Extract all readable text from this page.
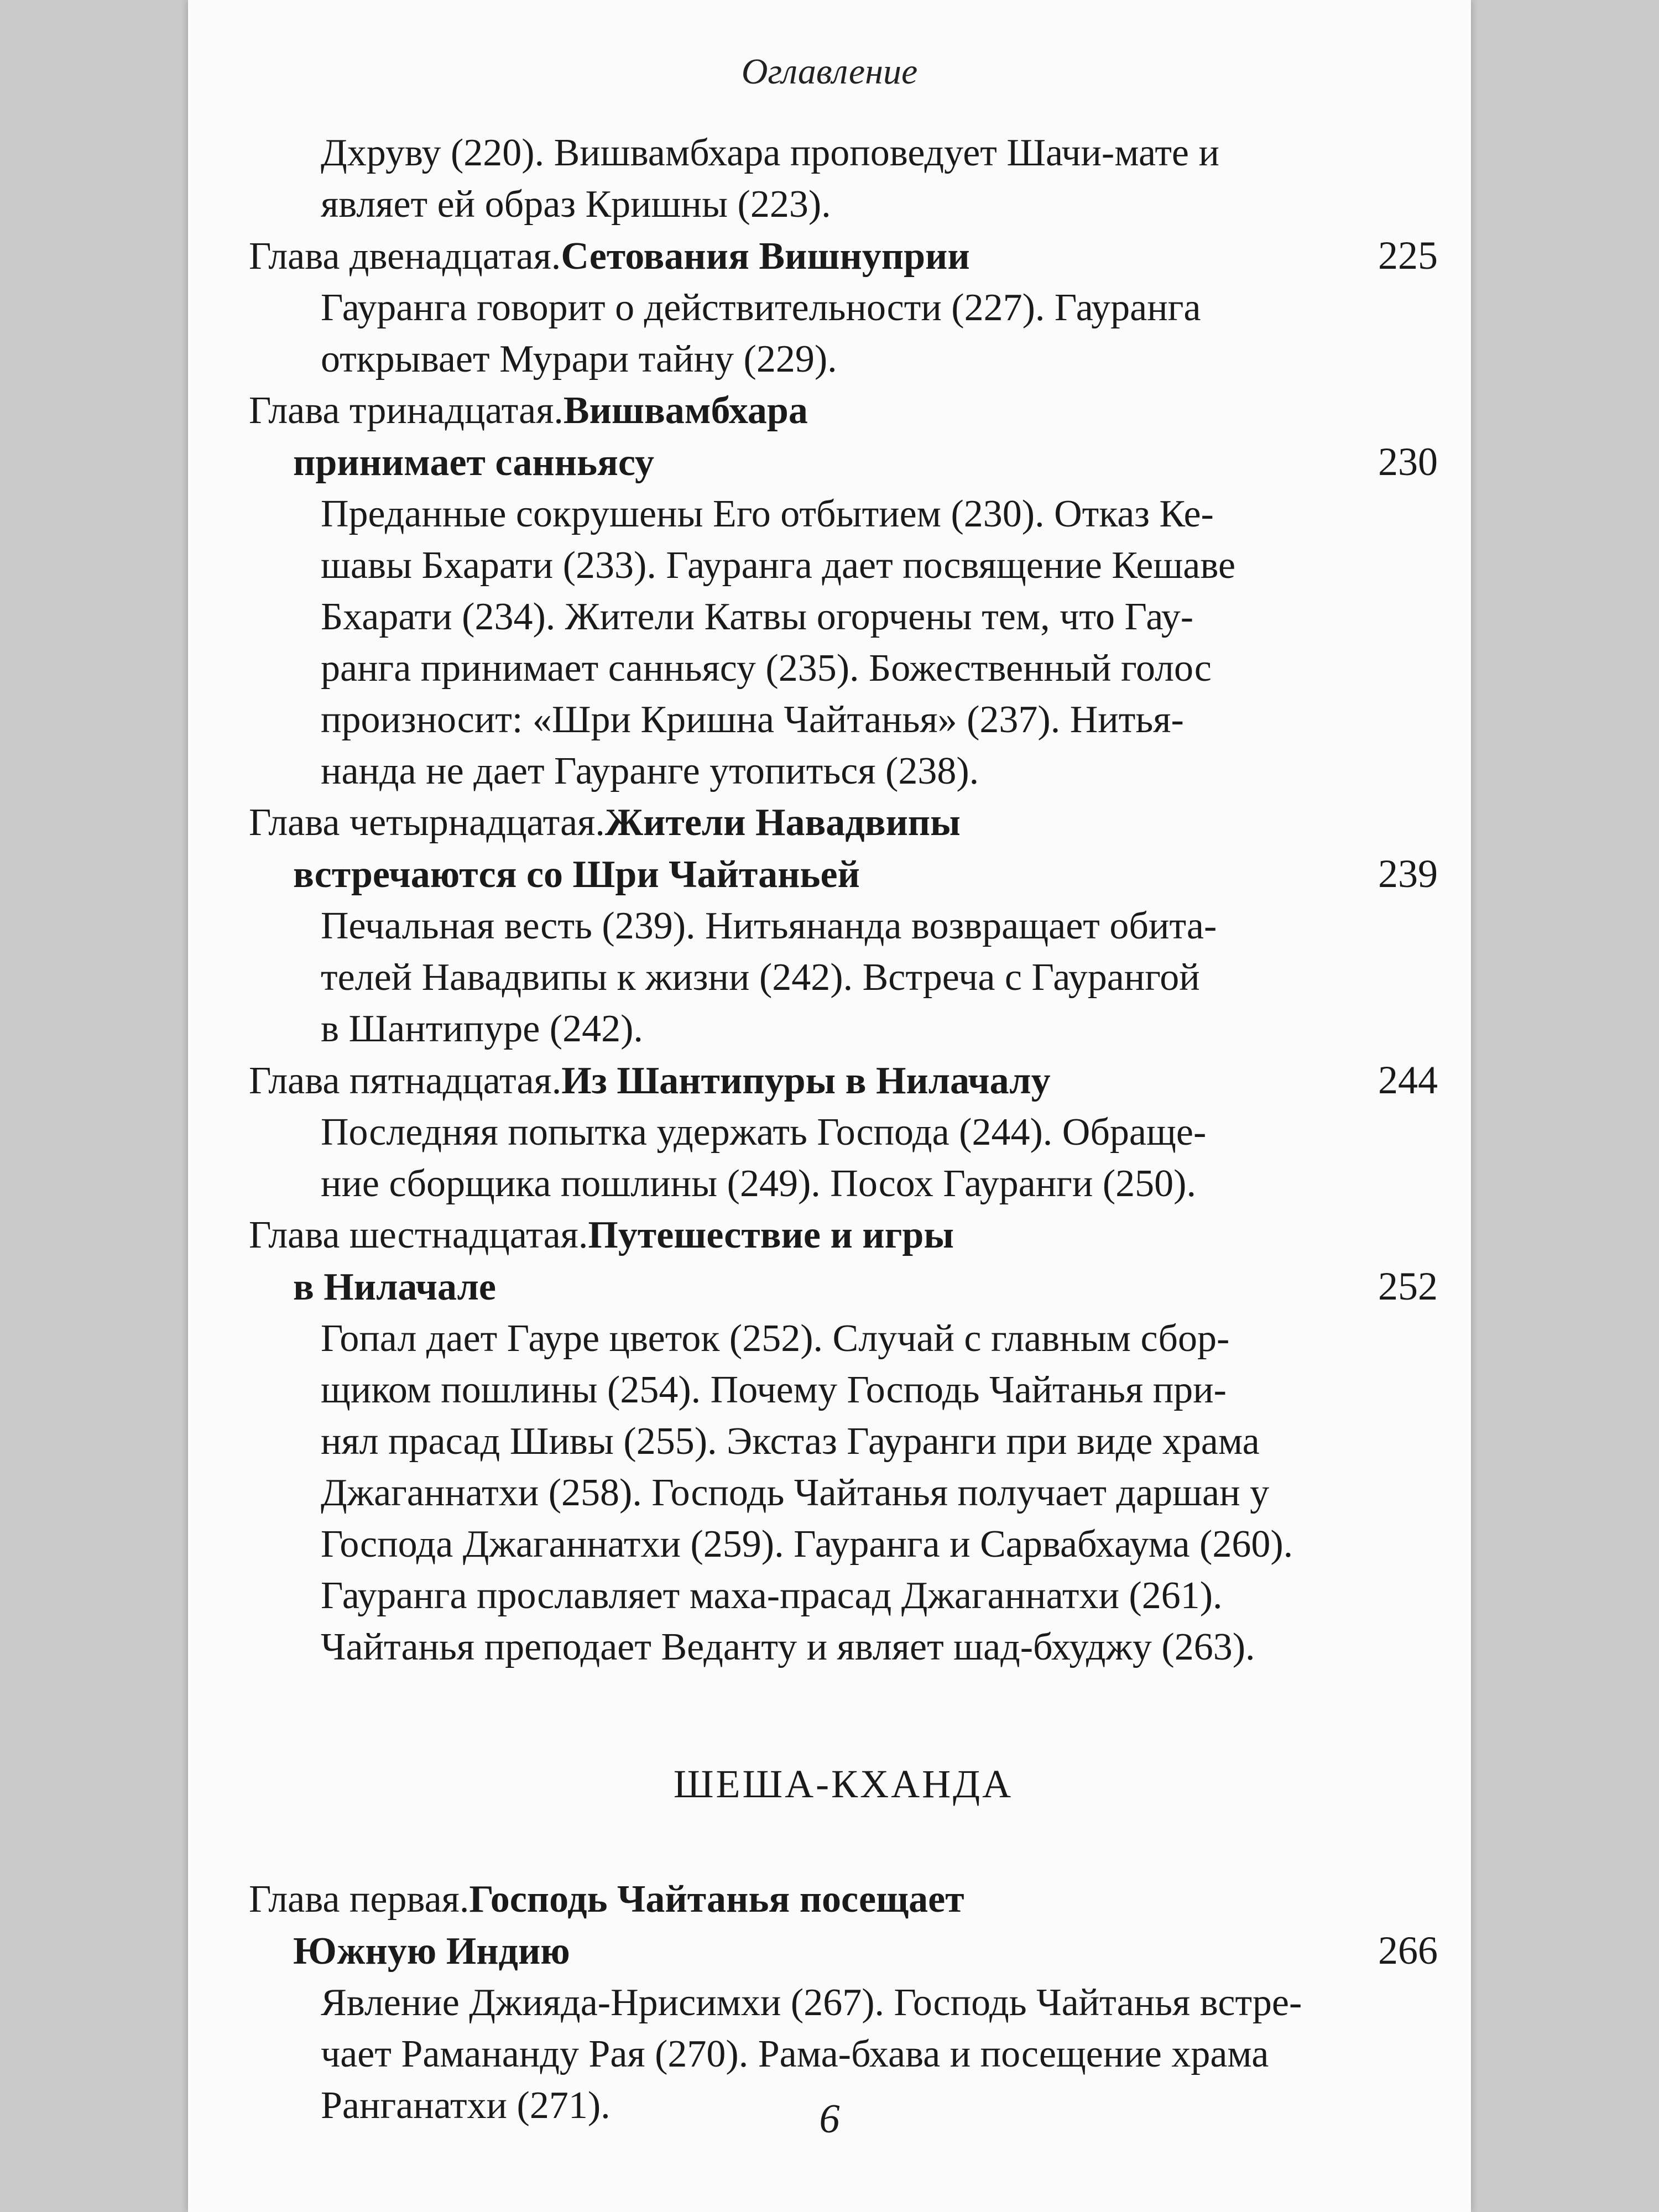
Оглавление
Дхруву (220). Вишвамбхара проповедует Шачи-мате и
являет ей образ Кришны (223).
Глава двенадцатая. Сетования Вишнуприи	225
Гауранга говорит о действительности (227). Гауранга
открывает Мурари тайну (229).
Глава тринадцатая. Вишвамбхара
принимает санньясу	230
Преданные сокрушены Его отбытием (230). Отказ Ке-
шавы Бхарати (233). Гауранга дает посвящение Кешаве
Бхарати (234). Жители Катвы огорчены тем, что Гау-
ранга принимает санньясу (235). Божественный голос
произносит: «Шри Кришна Чайтанья» (237). Нитья-
нанда не дает Гауранге утопиться (238).
Глава четырнадцатая. Жители Навадвипы
встречаются со Шри Чайтаньей	239
Печальная весть (239). Нитьянанда возвращает обита-
телей Навадвипы к жизни (242). Встреча с Гаурангой
в Шантипуре (242).
Глава пятнадцатая. Из Шантипуры в Нилачалу	244
Последняя попытка удержать Господа (244). Обраще-
ние сборщика пошлины (249). Посох Гауранги (250).
Глава шестнадцатая. Путешествие и игры
в Нилачале	252
Гопал дает Гауре цветок (252). Случай с главным сбор-
щиком пошлины (254). Почему Господь Чайтанья при-
нял прасад Шивы (255). Экстаз Гауранги при виде храма
Джаганнатхи (258). Господь Чайтанья получает даршан у
Господа Джаганнатхи (259). Гауранга и Сарвабхаума (260).
Гауранга прославляет маха-прасад Джаганнатхи (261).
Чайтанья преподает Веданту и являет шад-бхуджу (263).
ШЕША-КХАНДА
Глава первая. Господь Чайтанья посещает
Южную Индию	266
Явление Джияда-Нрисимхи (267). Господь Чайтанья встре-
чает Рамананду Рая (270). Рама-бхава и посещение храма
Ранганатхи (271).	6
